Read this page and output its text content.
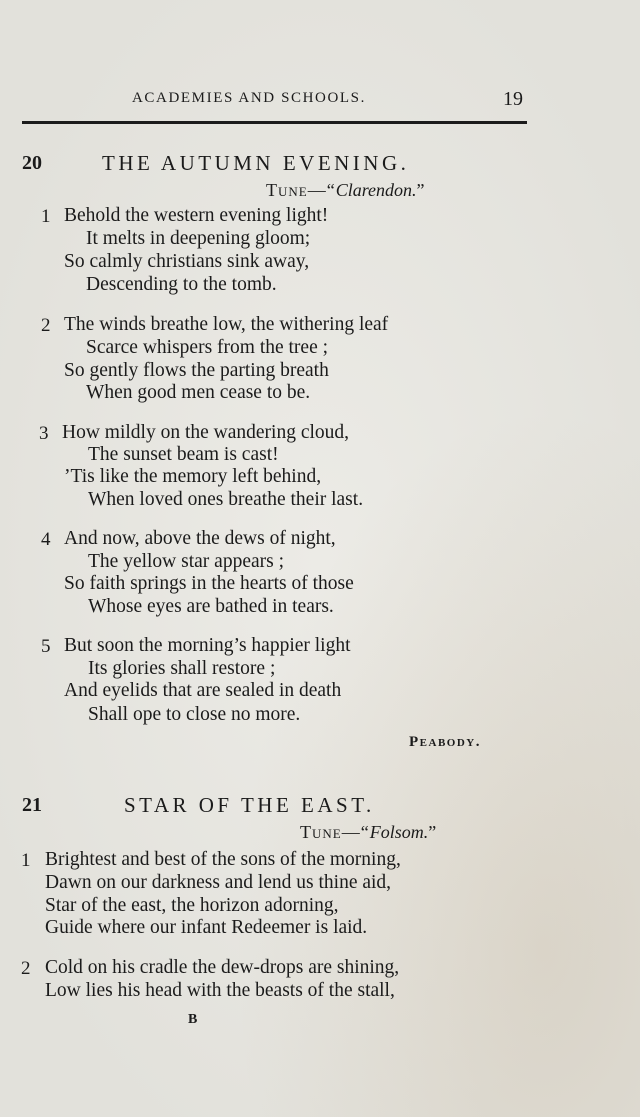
ACADEMIES AND SCHOOLS.	19
20	THE AUTUMN EVENING.
Tune—“Clarendon.”
1 Behold the western evening light!
It melts in deepening gloom;
So calmly christians sink away,
Descending to the tomb.
2 The winds breathe low, the withering leaf
Scarce whispers from the tree ;
So gently flows the parting breath
When good men cease to be.
3 How mildly on the wandering cloud,
The sunset beam is cast!
’Tis like the memory left behind,
When loved ones breathe their last.
4 And now, above the dews of night,
The yellow star appears ;
So faith springs in the hearts of those
Whose eyes are bathed in tears.
5 But soon the morning’s happier light
Its glories shall restore ;
And eyelids that are sealed in death
Shall ope to close no more.
Peabody.
21	STAR OF THE EAST.
Tune—“Folsom.”
1 Brightest and best of the sons of the morning,
Dawn on our darkness and lend us thine aid,
Star of the east, the horizon adorning,
Guide where our infant Redeemer is laid.
2 Cold on his cradle the dew-drops are shining,
Low lies his head with the beasts of the stall,
B
